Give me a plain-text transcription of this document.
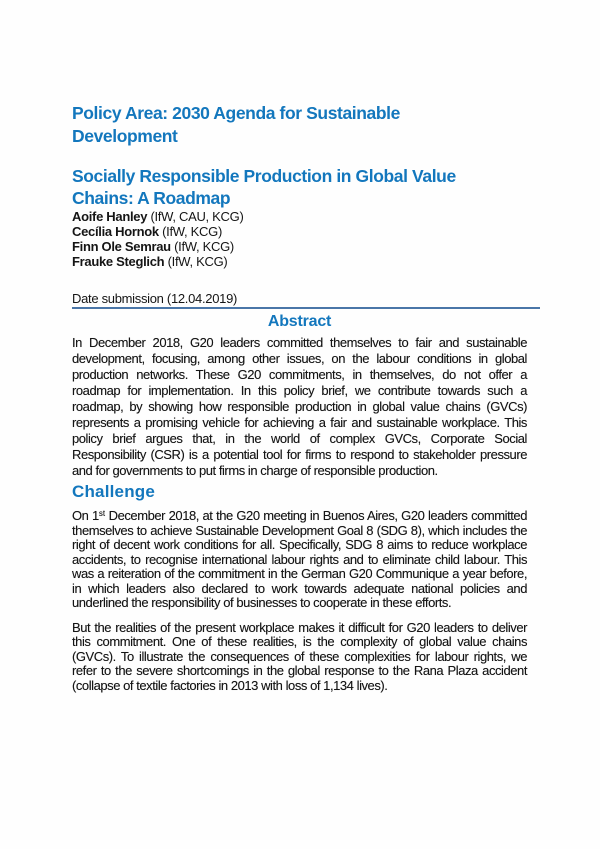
Policy Area: 2030 Agenda for Sustainable
Development
Socially Responsible Production in Global Value
Chains: A Roadmap
Aoife Hanley (IfW, CAU, KCG)
Cecília Hornok (IfW, KCG)
Finn Ole Semrau (IfW, KCG)
Frauke Steglich (IfW, KCG)

Date submission (12.04.2019)

Abstract

In December 2018, G20 leaders committed themselves to fair and sustainable development, focusing, among other issues, on the labour conditions in global production networks. These G20 commitments, in themselves, do not offer a roadmap for implementation. In this policy brief, we contribute towards such a roadmap, by showing how responsible production in global value chains (GVCs) represents a promising vehicle for achieving a fair and sustainable workplace. This policy brief argues that, in the world of complex GVCs, Corporate Social Responsibility (CSR) is a potential tool for firms to respond to stakeholder pressure and for governments to put firms in charge of responsible production.

Challenge

On 1st December 2018, at the G20 meeting in Buenos Aires, G20 leaders committed themselves to achieve Sustainable Development Goal 8 (SDG 8), which includes the right of decent work conditions for all. Specifically, SDG 8 aims to reduce workplace accidents, to recognise international labour rights and to eliminate child labour. This was a reiteration of the commitment in the German G20 Communique a year before, in which leaders also declared to work towards adequate national policies and underlined the responsibility of businesses to cooperate in these efforts.

But the realities of the present workplace makes it difficult for G20 leaders to deliver this commitment. One of these realities, is the complexity of global value chains (GVCs). To illustrate the consequences of these complexities for labour rights, we refer to the severe shortcomings in the global response to the Rana Plaza accident (collapse of textile factories in 2013 with loss of 1,134 lives).
